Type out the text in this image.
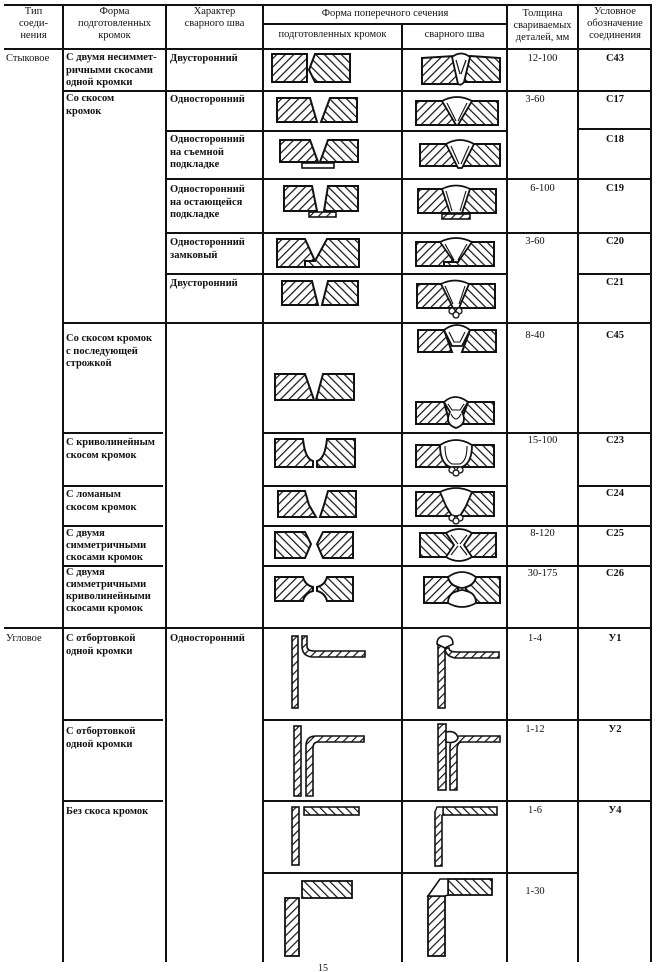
Тип
соеди-
нения
Форма
подготовленных
кромок
Характер
сварного шва
Форма поперечного сечения
подготовленных кромок	сварного шва
Толщина
свариваемых
деталей, мм
Условное
обозначение
соединения
Стыковое
Угловое
С двумя несиммет-
ричными скосами
одной кромки
Со скосом
кромок
Со скосом кромок
с последующей
строжкой
С криволинейным
скосом кромок
С ломаным
скосом кромок
С двумя
симметричными
скосами кромок
С двумя
симметричными
криволинейными
скосами кромок
С отбортовкой
одной кромки
С отбортовкой
одной кромки
Без скоса кромок
Двусторонний
Односторонний
Односторонний
на съемной
подкладке
Односторонний
на остающейся
подкладке
Односторонний
замковый
Двусторонний
Односторонний
12-100
3-60
6-100
3-60
8-40
15-100
8-120
30-175
1-4
1-12
1-6
1-30
С43
С17
С18
С19
С20
С21
С45
С23
С24
С25
С26
У1
У2
У4
15
